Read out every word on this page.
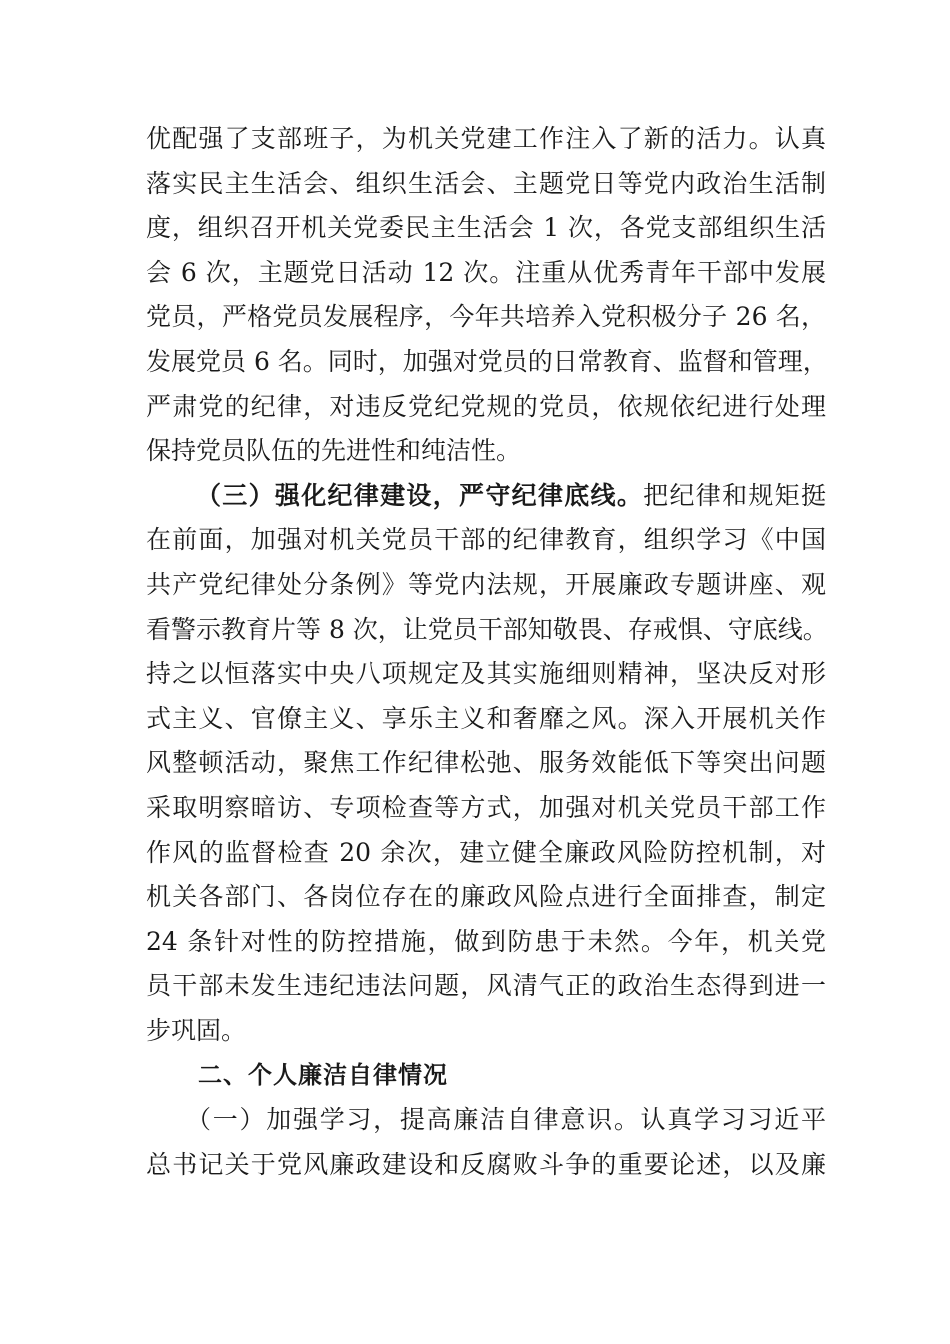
优配强了支部班子，为机关党建工作注入了新的活力。认真
落实民主生活会、组织生活会、主题党日等党内政治生活制
度，组织召开机关党委民主生活会 1 次，各党支部组织生活
会 6 次，主题党日活动 12 次。注重从优秀青年干部中发展
党员，严格党员发展程序，今年共培养入党积极分子 26 名，
发展党员 6 名。同时，加强对党员的日常教育、监督和管理，
严肃党的纪律，对违反党纪党规的党员，依规依纪进行处理
保持党员队伍的先进性和纯洁性。
（三）强化纪律建设，严守纪律底线。把纪律和规矩挺
在前面，加强对机关党员干部的纪律教育，组织学习《中国
共产党纪律处分条例》等党内法规，开展廉政专题讲座、观
看警示教育片等 8 次，让党员干部知敬畏、存戒惧、守底线。
持之以恒落实中央八项规定及其实施细则精神，坚决反对形
式主义、官僚主义、享乐主义和奢靡之风。深入开展机关作
风整顿活动，聚焦工作纪律松弛、服务效能低下等突出问题
采取明察暗访、专项检查等方式，加强对机关党员干部工作
作风的监督检查 20 余次，建立健全廉政风险防控机制，对
机关各部门、各岗位存在的廉政风险点进行全面排查，制定
24 条针对性的防控措施，做到防患于未然。今年，机关党
员干部未发生违纪违法问题，风清气正的政治生态得到进一
步巩固。
二、个人廉洁自律情况
（一）加强学习，提高廉洁自律意识。认真学习习近平
总书记关于党风廉政建设和反腐败斗争的重要论述，以及廉
